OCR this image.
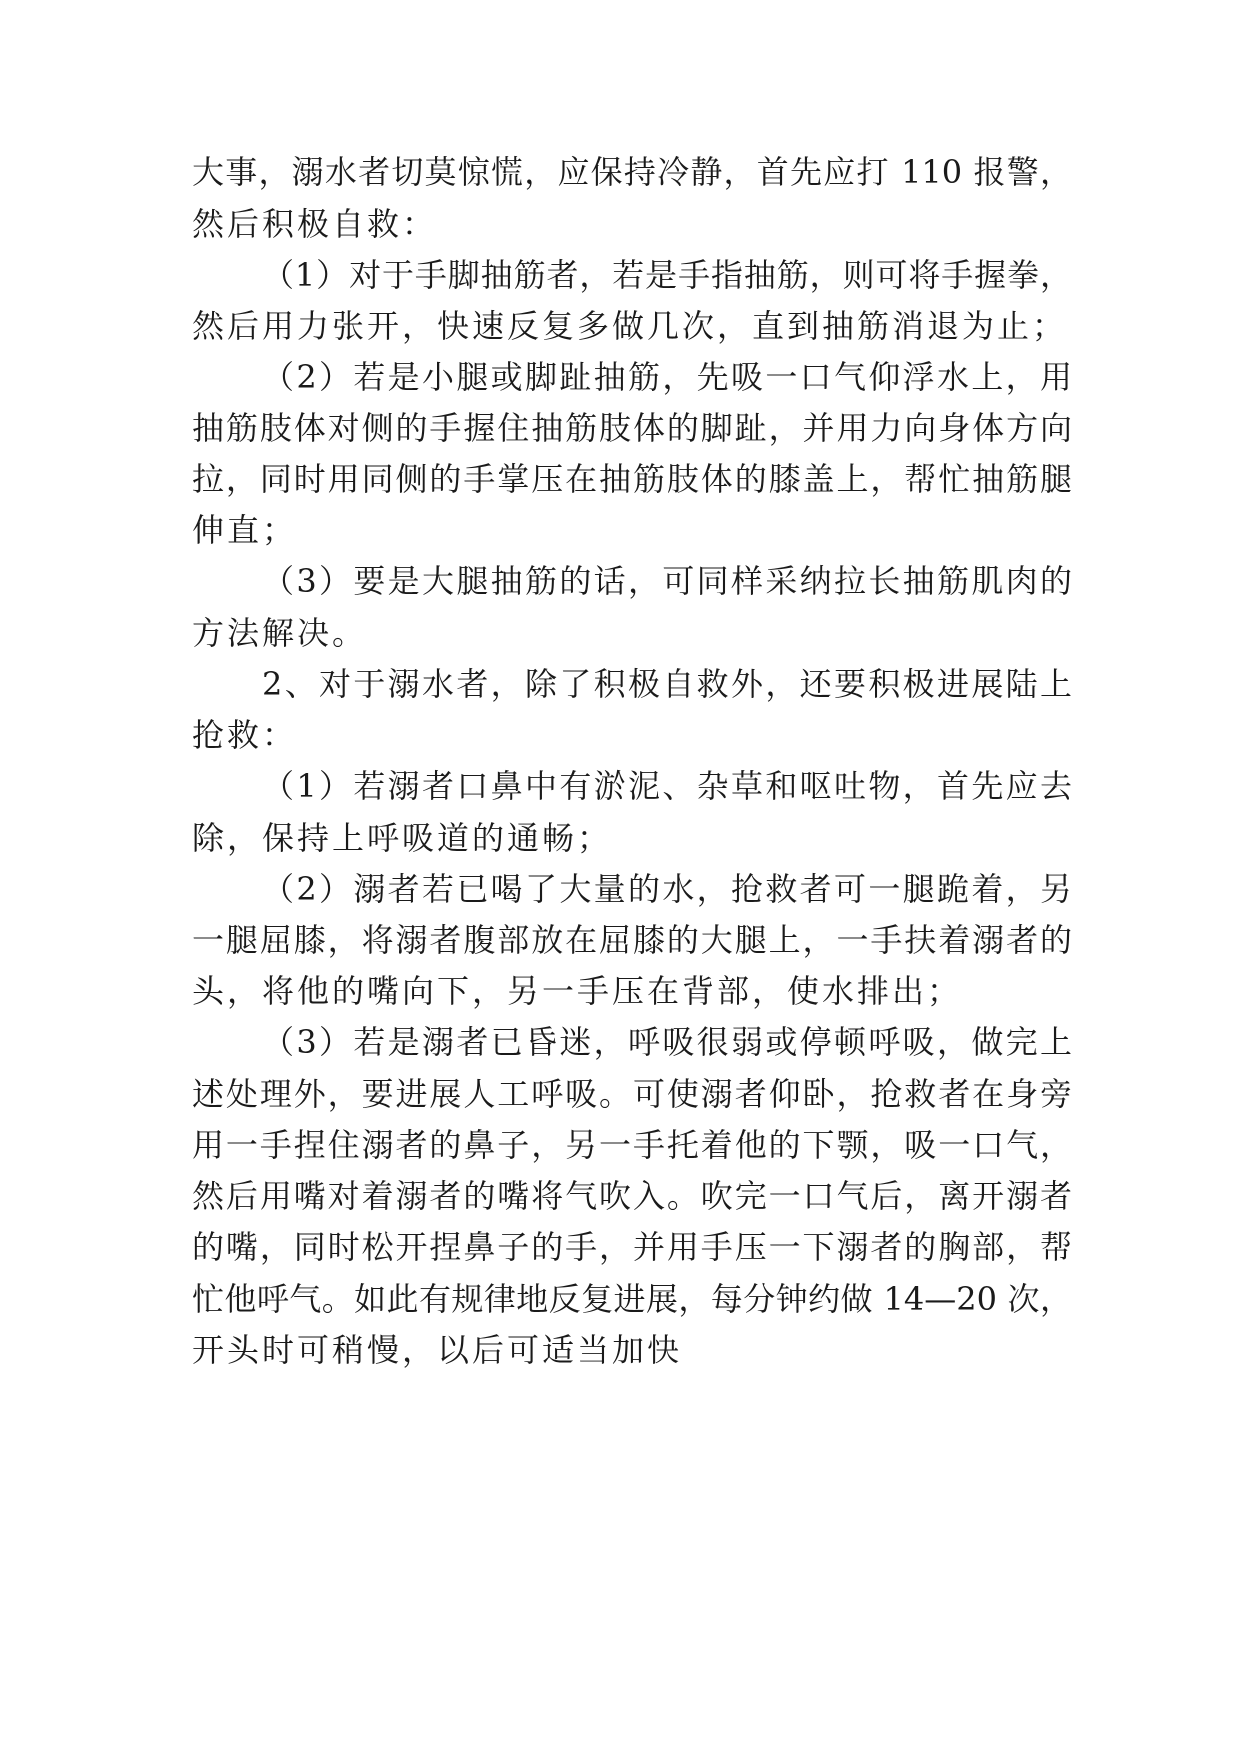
大事，溺水者切莫惊慌，应保持冷静，首先应打 110 报警，
然后积极自救：
（1）对于手脚抽筋者，若是手指抽筋，则可将手握拳，
然后用力张开，快速反复多做几次，直到抽筋消退为止；
（2）若是小腿或脚趾抽筋，先吸一口气仰浮水上，用
抽筋肢体对侧的手握住抽筋肢体的脚趾，并用力向身体方向
拉，同时用同侧的手掌压在抽筋肢体的膝盖上，帮忙抽筋腿
伸直；
（3）要是大腿抽筋的话，可同样采纳拉长抽筋肌肉的
方法解决。
2、对于溺水者，除了积极自救外，还要积极进展陆上
抢救：
（1）若溺者口鼻中有淤泥、杂草和呕吐物，首先应去
除，保持上呼吸道的通畅；
（2）溺者若已喝了大量的水，抢救者可一腿跪着，另
一腿屈膝，将溺者腹部放在屈膝的大腿上，一手扶着溺者的
头，将他的嘴向下，另一手压在背部，使水排出；
（3）若是溺者已昏迷，呼吸很弱或停顿呼吸，做完上
述处理外，要进展人工呼吸。可使溺者仰卧，抢救者在身旁
用一手捏住溺者的鼻子，另一手托着他的下颚，吸一口气，
然后用嘴对着溺者的嘴将气吹入。吹完一口气后，离开溺者
的嘴，同时松开捏鼻子的手，并用手压一下溺者的胸部，帮
忙他呼气。如此有规律地反复进展，每分钟约做 14—20 次，
开头时可稍慢，以后可适当加快
